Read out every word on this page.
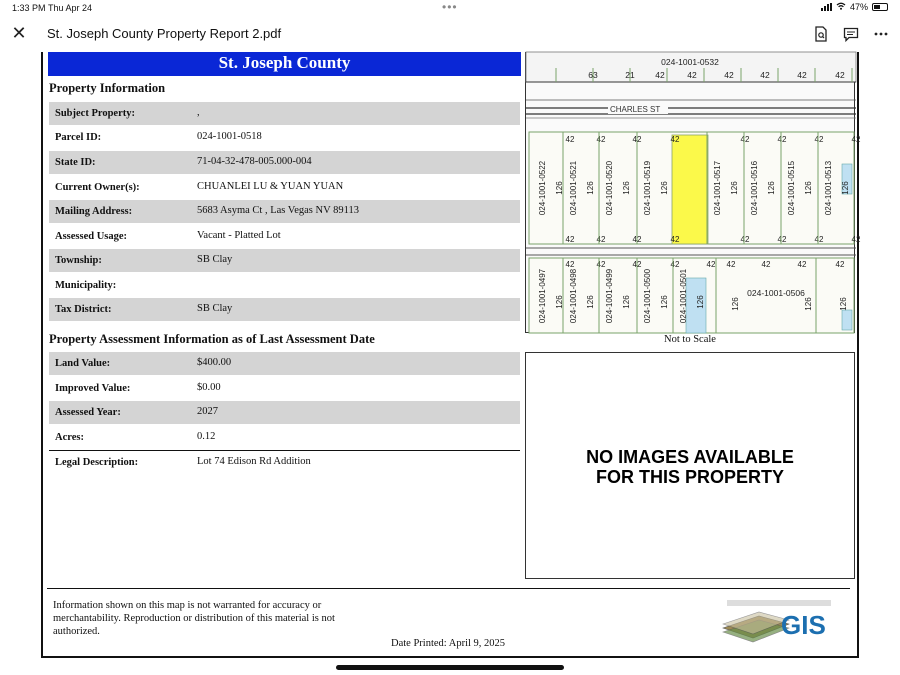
1:33 PM Thu Apr 24	•••	47%
✕ St. Joseph County Property Report 2.pdf
St. Joseph County
Property Information
Subject Property:	,
Parcel ID:	024-1001-0518
State ID:	71-04-32-478-005.000-004
Current Owner(s):	CHUANLEI LU & YUAN YUAN
Mailing Address:	5683 Asyma Ct , Las Vegas NV 89113
Assessed Usage:	Vacant - Platted Lot
Township:	SB Clay
Municipality:
Tax District:	SB Clay
Property Assessment Information as of Last Assessment Date
Land Value:	$400.00
Improved Value:	$0.00
Assessed Year:	2027
Acres:	0.12
Legal Description:	Lot 74 Edison Rd Addition
CHARLES ST
024-1001-0532
63	21 42	42	42	42	42	42
024-1001-0522 126
42
42
024-1001-0521 126
42
42
024-1001-0520 126
42
42
024-1001-0519 126
42
42
024-1001-0517 126
42
42
024-1001-0516 126
42
42
024-1001-0515 126
42
42
024-1001-0513 126
42
42
024-1001-0497 126
42
024-1001-0498 126
42
024-1001-0499 126
42
024-1001-0500 126
42
024-1001-0501 126
42
024-1001-0506
126	126	126
42	42	42	42
Not to Scale
NO IMAGES AVAILABLE
FOR THIS PROPERTY
Information shown on this map is not warranted for accuracy or merchantability. Reproduction or distribution of this material is not authorized.
Date Printed: April 9, 2025
GIS
